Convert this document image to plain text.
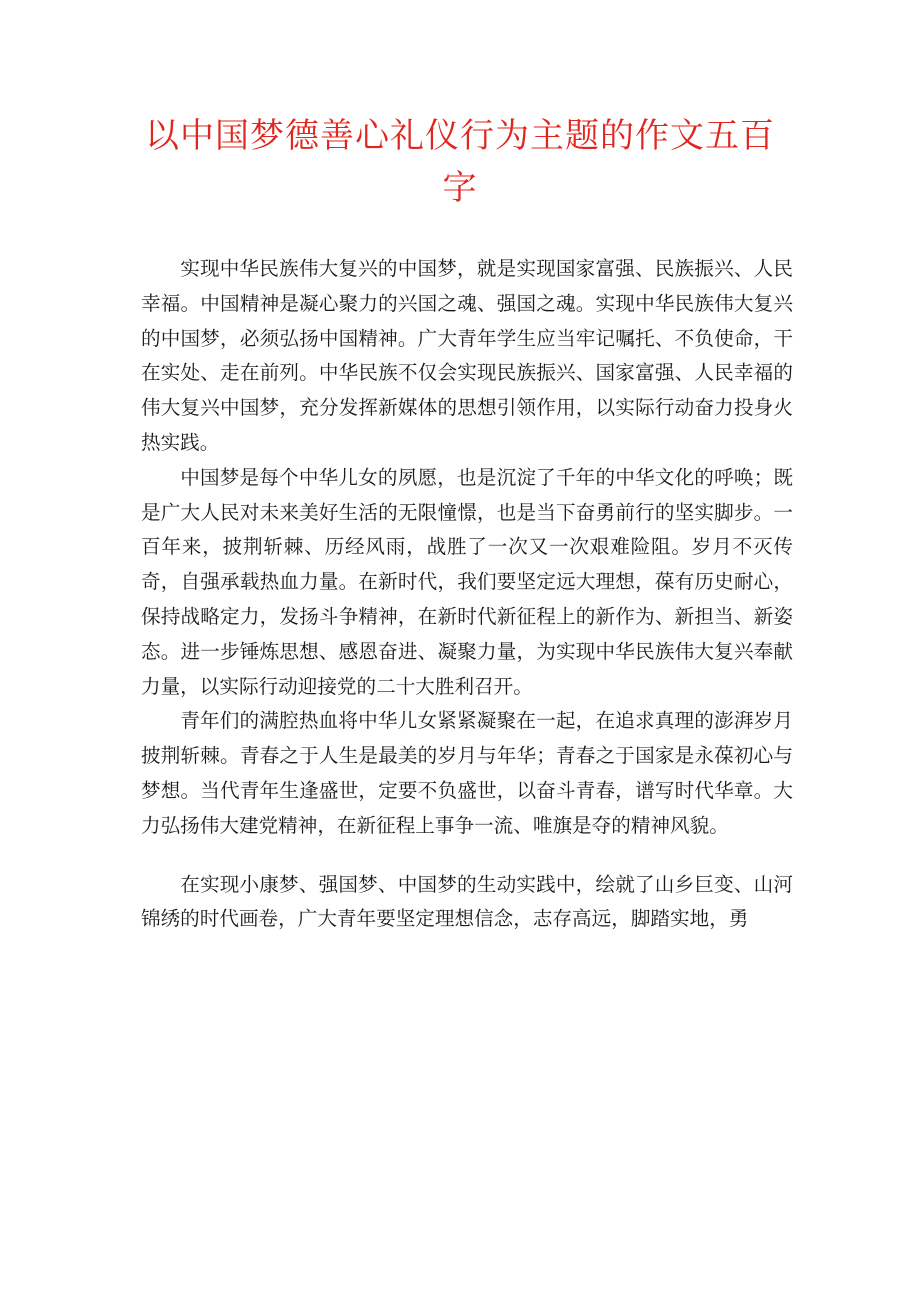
以中国梦德善心礼仪行为主题的作文五百
字

实现中华民族伟大复兴的中国梦，就是实现国家富强、民族振兴、人民幸福。中国精神是凝心聚力的兴国之魂、强国之魂。实现中华民族伟大复兴的中国梦，必须弘扬中国精神。广大青年学生应当牢记嘱托、不负使命，干在实处、走在前列。中华民族不仅会实现民族振兴、国家富强、人民幸福的伟大复兴中国梦，充分发挥新媒体的思想引领作用，以实际行动奋力投身火热实践。

中国梦是每个中华儿女的夙愿，也是沉淀了千年的中华文化的呼唤；既是广大人民对未来美好生活的无限憧憬，也是当下奋勇前行的坚实脚步。一百年来，披荆斩棘、历经风雨，战胜了一次又一次艰难险阻。岁月不灭传奇，自强承载热血力量。在新时代，我们要坚定远大理想，葆有历史耐心，保持战略定力，发扬斗争精神，在新时代新征程上的新作为、新担当、新姿态。进一步锤炼思想、感恩奋进、凝聚力量，为实现中华民族伟大复兴奉献力量，以实际行动迎接党的二十大胜利召开。

青年们的满腔热血将中华儿女紧紧凝聚在一起，在追求真理的澎湃岁月披荆斩棘。青春之于人生是最美的岁月与年华；青春之于国家是永葆初心与梦想。当代青年生逢盛世，定要不负盛世，以奋斗青春，谱写时代华章。大力弘扬伟大建党精神，在新征程上事争一流、唯旗是夺的精神风貌。

在实现小康梦、强国梦、中国梦的生动实践中，绘就了山乡巨变、山河锦绣的时代画卷，广大青年要坚定理想信念，志存高远，脚踏实地，勇
